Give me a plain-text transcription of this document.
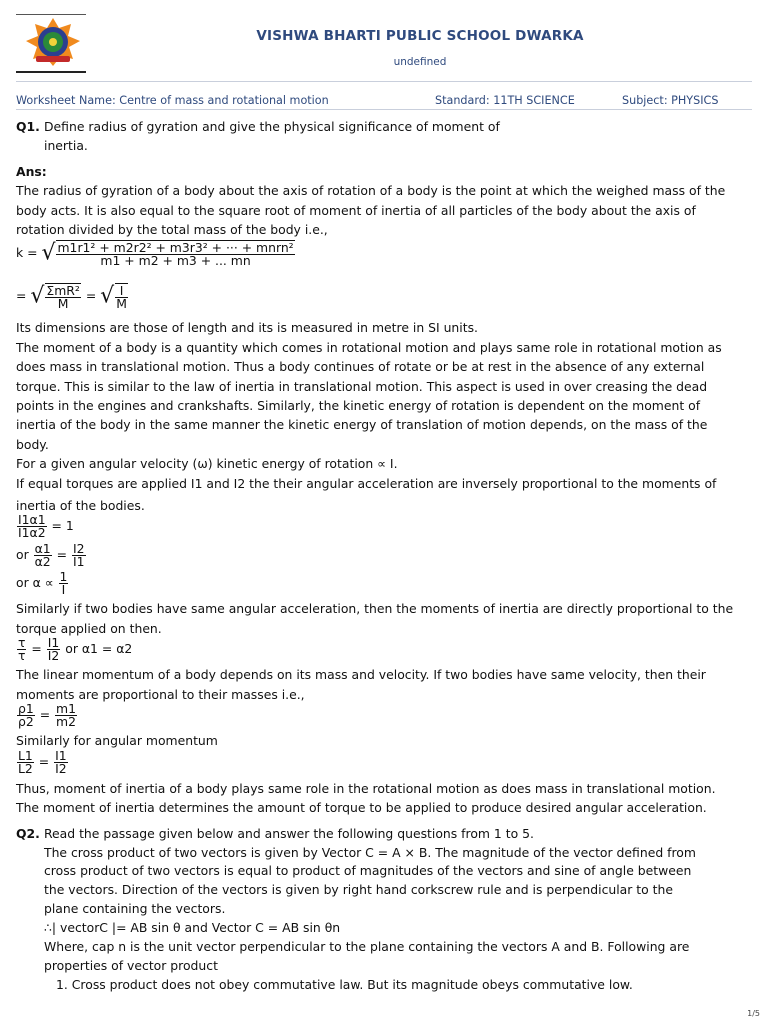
VISHWA BHARTI PUBLIC SCHOOL DWARKA
undefined
Worksheet Name: Centre of mass and rotational motion	Standard: 11TH SCIENCE	Subject: PHYSICS
Q1. Define radius of gyration and give the physical significance of moment of
inertia.
Ans:
The radius of gyration of a body about the axis of rotation of a body is the point at which the weighed mass of the
body acts. It is also equal to the square root of moment of inertia of all particles of the body about the axis of
rotation divided by the total mass of the body i.e.,
k = √ $\frac{\text{m1r1² + m2r2² + m3r3² + ··· + mnrn²}}{m1 + m2 + m3 + ... mn}$
= √ $\frac{\text{ΣmR²}}{M}$ = √ $\frac{I}{M}$
Its dimensions are those of length and its is measured in metre in SI units.
The moment of a body is a quantity which comes in rotational motion and plays same role in rotational motion as
does mass in translational motion. Thus a body continues of rotate or be at rest in the absence of any external
torque. This is similar to the law of inertia in translational motion. This aspect is used in over creasing the dead
points in the engines and crankshafts. Similarly, the kinetic energy of rotation is dependent on the moment of
inertia of the body in the same manner the kinetic energy of translation of motion depends, on the mass of the
body.
For a given angular velocity (ω) kinetic energy of rotation ∝ I.
If equal torques are applied I1 and I2 the their angular acceleration are inversely proportional to the moments of
inertia of the bodies.
$\frac{I1\alpha 1}{I1\alpha 2} = 1$
or $\frac{\alpha 1}{\alpha 2} = \frac{I2}{I1}$
or $\alpha \propto \frac{1}{I}$
Similarly if two bodies have same angular acceleration, then the moments of inertia are directly proportional to the
torque applied on then.
$\frac{\tau}{\tau} = \frac{I1}{I2}$ or α1 = α2
The linear momentum of a body depends on its mass and velocity. If two bodies have same velocity, then their
moments are proportional to their masses i.e.,
$\frac{\rho 1}{\rho 2} = \frac{m1}{m2}$
Similarly for angular momentum
$\frac{L1}{L2} = \frac{I1}{I2}$
Thus, moment of inertia of a body plays same role in the rotational motion as does mass in translational motion.
The moment of inertia determines the amount of torque to be applied to produce desired angular acceleration.
Q2. Read the passage given below and answer the following questions from 1 to 5.
The cross product of two vectors is given by Vector C = A × B. The magnitude of the vector defined from
cross product of two vectors is equal to product of magnitudes of the vectors and sine of angle between
the vectors. Direction of the vectors is given by right hand corkscrew rule and is perpendicular to the
plane containing the vectors.
∴| vectorC |= AB sin θ and Vector C = AB sin θn
Where, cap n is the unit vector perpendicular to the plane containing the vectors A and B. Following are
properties of vector product
1. Cross product does not obey commutative law. But its magnitude obeys commutative low.
1/5
